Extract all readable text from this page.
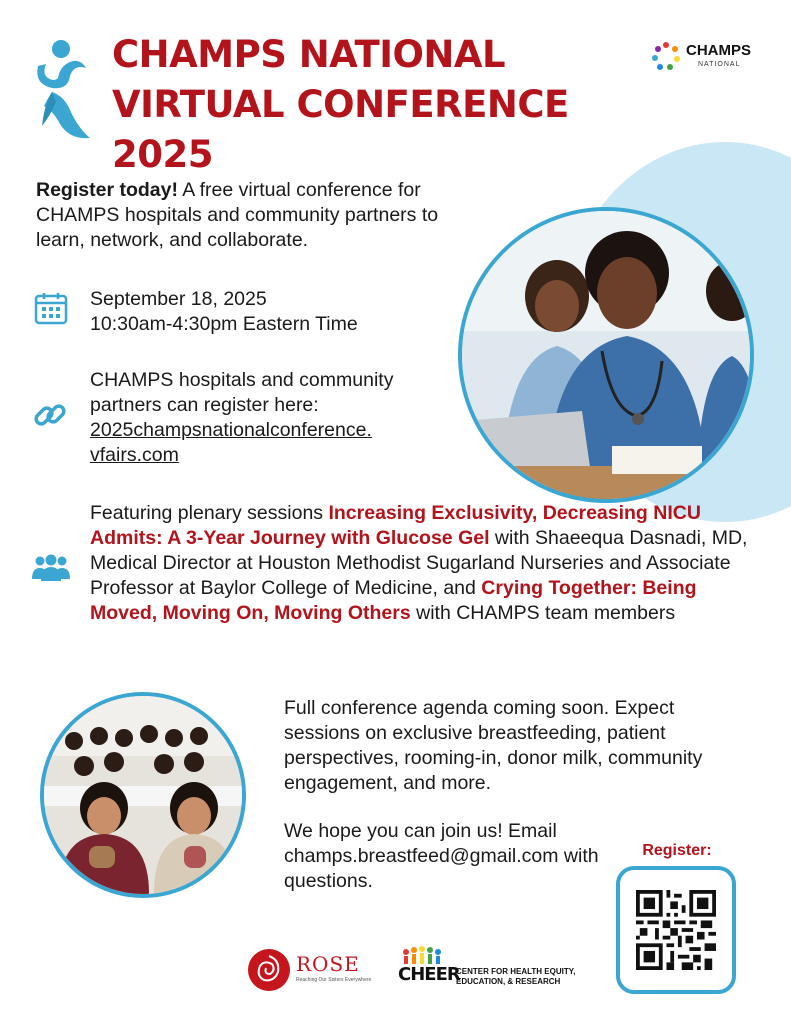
CHAMPS NATIONAL
VIRTUAL CONFERENCE 2025
CHAMPS
NATIONAL
Register today! A free virtual conference for CHAMPS hospitals and community partners to learn, network, and collaborate.
September 18, 2025
10:30am-4:30pm Eastern Time
CHAMPS hospitals and community partners can register here:
2025champsnationalconference.
vfairs.com
Featuring plenary sessions Increasing Exclusivity, Decreasing NICU Admits: A 3-Year Journey with Glucose Gel with Shaeequa Dasnadi, MD, Medical Director at Houston Methodist Sugarland Nurseries and Associate Professor at Baylor College of Medicine, and Crying Together: Being Moved, Moving On, Moving Others with CHAMPS team members
Full conference agenda coming soon. Expect sessions on exclusive breastfeeding, patient perspectives, rooming-in, donor milk, community engagement, and more.
We hope you can join us! Email champs.breastfeed@gmail.com with questions.
Register:
ROSE
Reaching Our Sisters Everywhere CHEER
CENTER FOR HEALTH EQUITY,
EDUCATION, & RESEARCH
